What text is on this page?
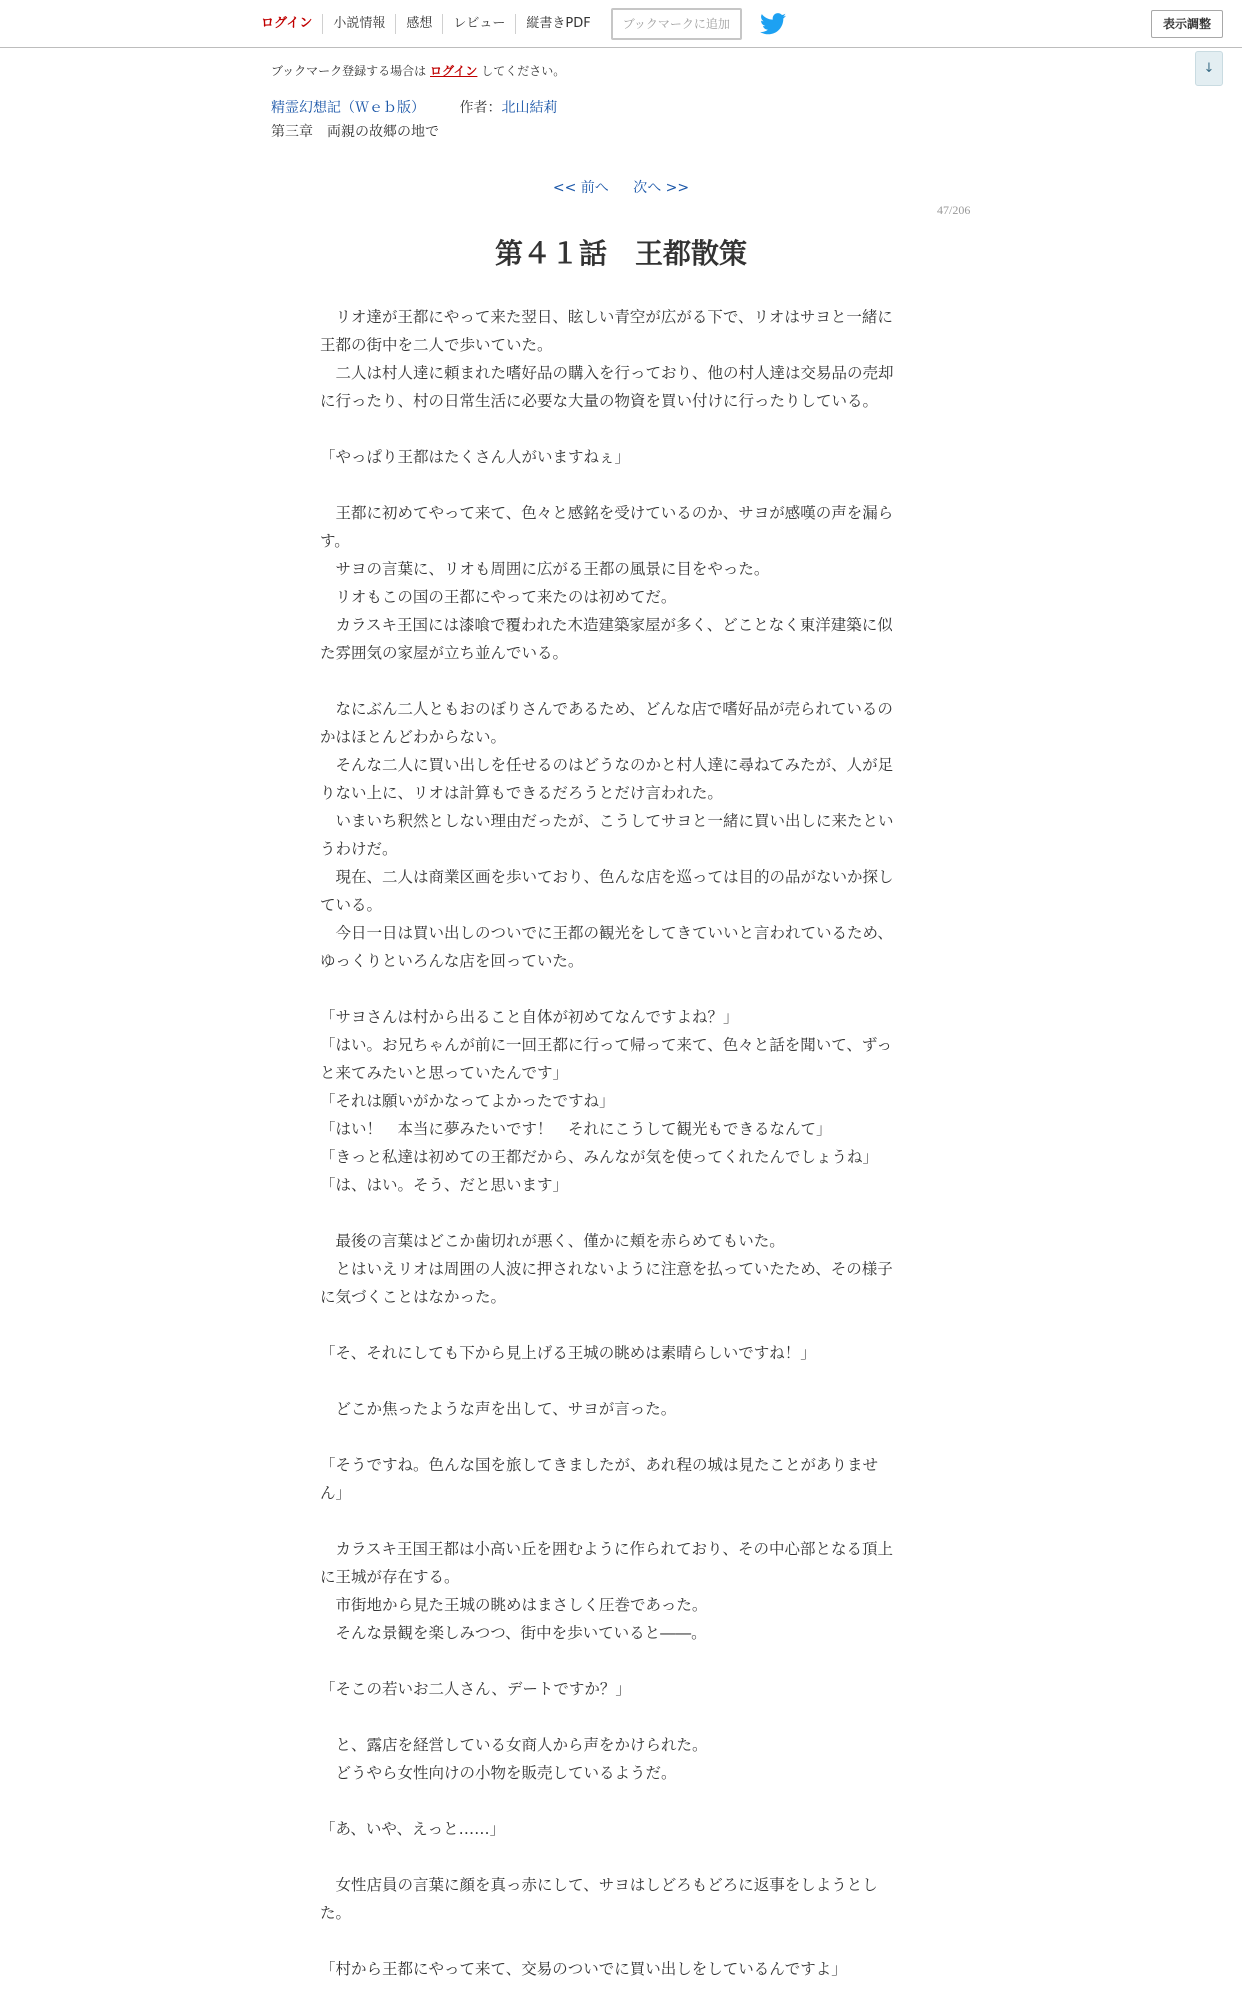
ログイン	小説情報	感想	レビュー	縦書きPDF	ブックマークに追加	表示調整
↓
ブックマーク登録する場合は ログイン してください。
精霊幻想記（Ｗｅｂ版） 作者：北山結莉
第三章　両親の故郷の地で
<< 前へ 次へ >>
47/206
第４１話　王都散策
　リオ達が王都にやって来た翌日、眩しい青空が広がる下で、リオはサヨと一緒に
王都の街中を二人で歩いていた。
　二人は村人達に頼まれた嗜好品の購入を行っており、他の村人達は交易品の売却
に行ったり、村の日常生活に必要な大量の物資を買い付けに行ったりしている。
「やっぱり王都はたくさん人がいますねぇ」
　王都に初めてやって来て、色々と感銘を受けているのか、サヨが感嘆の声を漏ら
す。
　サヨの言葉に、リオも周囲に広がる王都の風景に目をやった。
　リオもこの国の王都にやって来たのは初めてだ。
　カラスキ王国には漆喰で覆われた木造建築家屋が多く、どことなく東洋建築に似
た雰囲気の家屋が立ち並んでいる。
　なにぶん二人ともおのぼりさんであるため、どんな店で嗜好品が売られているの
かはほとんどわからない。
　そんな二人に買い出しを任せるのはどうなのかと村人達に尋ねてみたが、人が足
りない上に、リオは計算もできるだろうとだけ言われた。
　いまいち釈然としない理由だったが、こうしてサヨと一緒に買い出しに来たとい
うわけだ。
　現在、二人は商業区画を歩いており、色んな店を巡っては目的の品がないか探し
ている。
　今日一日は買い出しのついでに王都の観光をしてきていいと言われているため、
ゆっくりといろんな店を回っていた。
「サヨさんは村から出ること自体が初めてなんですよね？」
「はい。お兄ちゃんが前に一回王都に行って帰って来て、色々と話を聞いて、ずっ
と来てみたいと思っていたんです」
「それは願いがかなってよかったですね」
「はい！　本当に夢みたいです！　それにこうして観光もできるなんて」
「きっと私達は初めての王都だから、みんなが気を使ってくれたんでしょうね」
「は、はい。そう、だと思います」
　最後の言葉はどこか歯切れが悪く、僅かに頬を赤らめてもいた。
　とはいえリオは周囲の人波に押されないように注意を払っていたため、その様子
に気づくことはなかった。
「そ、それにしても下から見上げる王城の眺めは素晴らしいですね！」
　どこか焦ったような声を出して、サヨが言った。
「そうですね。色んな国を旅してきましたが、あれ程の城は見たことがありませ
ん」
　カラスキ王国王都は小高い丘を囲むように作られており、その中心部となる頂上
に王城が存在する。
　市街地から見た王城の眺めはまさしく圧巻であった。
　そんな景観を楽しみつつ、街中を歩いていると――。
「そこの若いお二人さん、デートですか？」
　と、露店を経営している女商人から声をかけられた。
　どうやら女性向けの小物を販売しているようだ。
「あ、いや、えっと……」
　女性店員の言葉に顔を真っ赤にして、サヨはしどろもどろに返事をしようとし
た。
「村から王都にやって来て、交易のついでに買い出しをしているんですよ」
